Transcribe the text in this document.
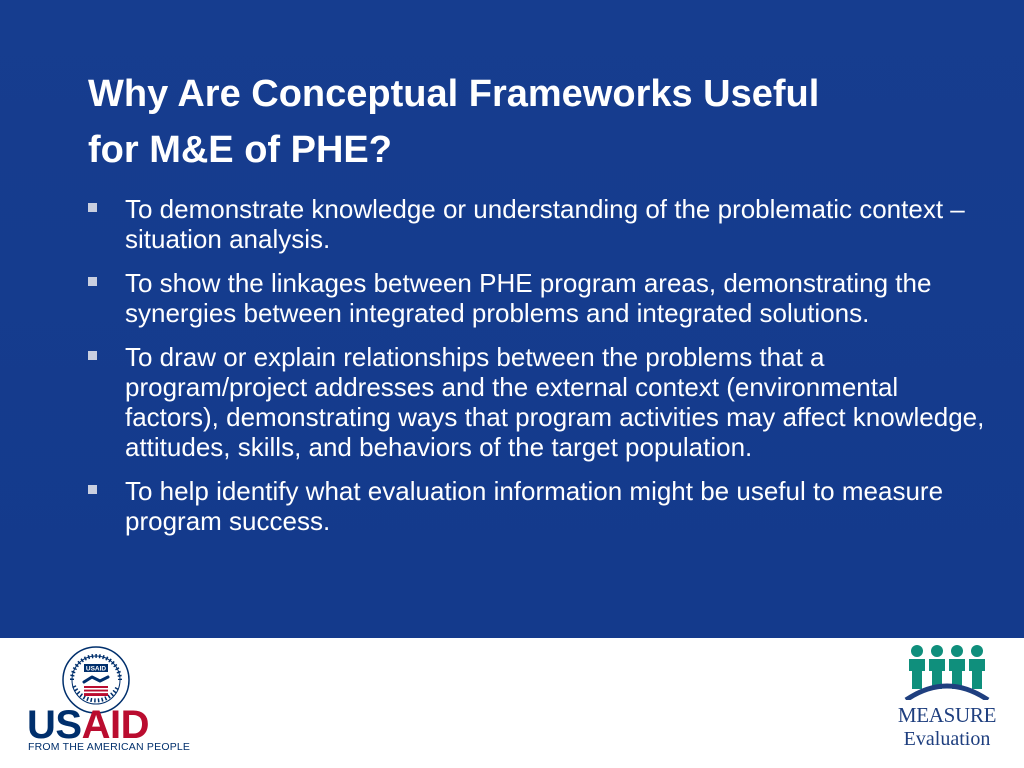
Why Are Conceptual Frameworks Useful
for M&E of PHE?
To demonstrate knowledge or understanding of the problematic context – situation analysis.
To show the linkages between PHE program areas, demonstrating the synergies between integrated problems and integrated solutions.
To draw or explain relationships between the problems that a program/project addresses and the external context (environmental factors), demonstrating ways that program activities may affect knowledge, attitudes, skills, and behaviors of the target population.
To help identify what evaluation information might be useful to measure program success.
USAID
USAID
FROM THE AMERICAN PEOPLE
MEASURE
Evaluation
